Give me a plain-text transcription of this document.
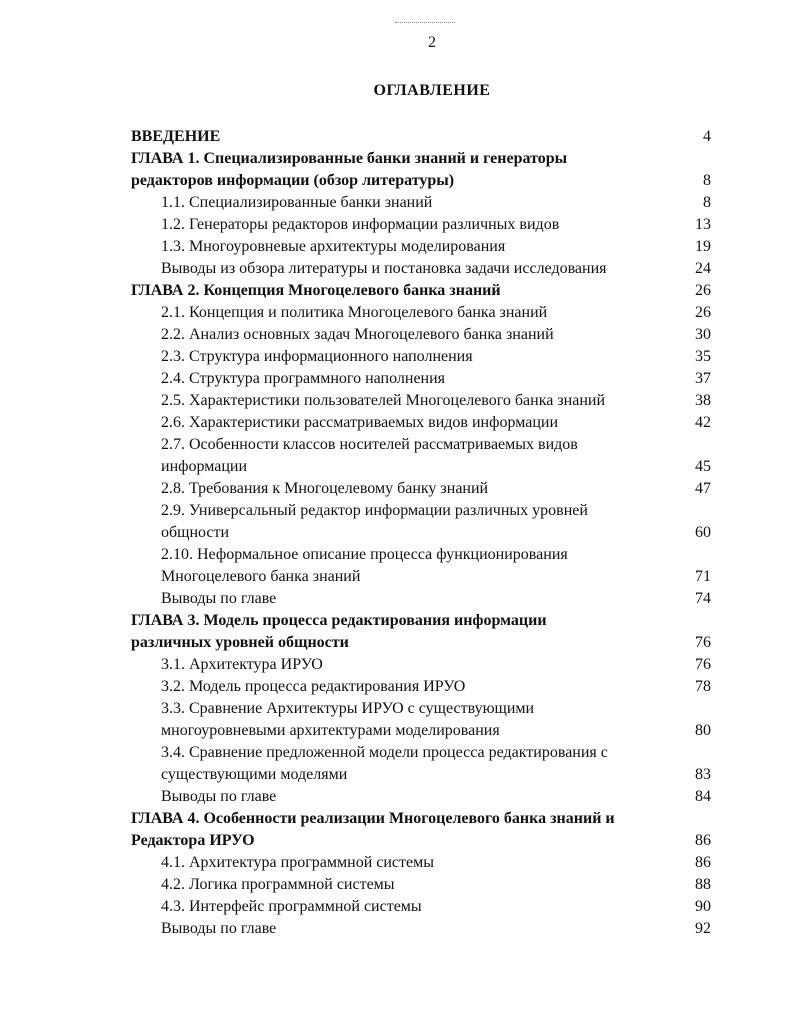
2
ОГЛАВЛЕНИЕ
ВВЕДЕНИЕ	4
ГЛАВА 1. Специализированные банки знаний и генераторы
редакторов информации (обзор литературы)	8
1.1. Специализированные банки знаний	8
1.2. Генераторы редакторов информации различных видов	13
1.3. Многоуровневые архитектуры моделирования	19
Выводы из обзора литературы и постановка задачи исследования	24
ГЛАВА 2. Концепция Многоцелевого банка знаний	26
2.1. Концепция и политика Многоцелевого банка знаний	26
2.2. Анализ основных задач Многоцелевого банка знаний	30
2.3. Структура информационного наполнения	35
2.4. Структура программного наполнения	37
2.5. Характеристики пользователей Многоцелевого банка знаний	38
2.6. Характеристики рассматриваемых видов информации	42
2.7. Особенности классов носителей рассматриваемых видов
информации	45
2.8. Требования к Многоцелевому банку знаний	47
2.9. Универсальный редактор информации различных уровней
общности	60
2.10. Неформальное описание процесса функционирования
Многоцелевого банка знаний	71
Выводы по главе	74
ГЛАВА 3. Модель процесса редактирования информации
различных уровней общности	76
3.1. Архитектура ИРУО	76
3.2. Модель процесса редактирования ИРУО	78
3.3. Сравнение Архитектуры ИРУО с существующими
многоуровневыми архитектурами моделирования	80
3.4. Сравнение предложенной модели процесса редактирования с
существующими моделями	83
Выводы по главе	84
ГЛАВА 4. Особенности реализации Многоцелевого банка знаний и
Редактора ИРУО	86
4.1. Архитектура программной системы	86
4.2. Логика программной системы	88
4.3. Интерфейс программной системы	90
Выводы по главе	92
